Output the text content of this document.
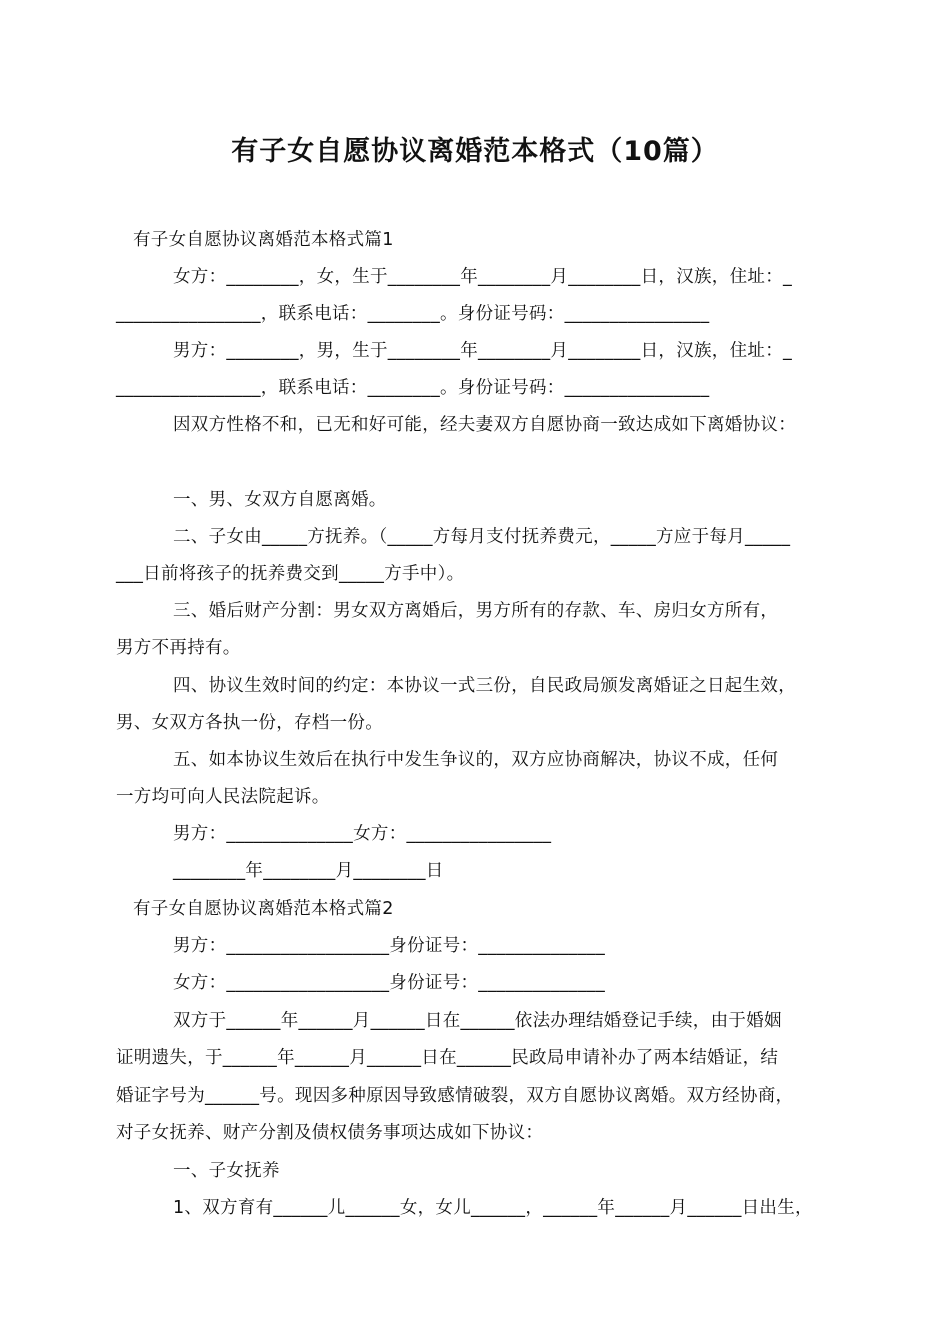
有子女自愿协议离婚范本格式（10篇）
有子女自愿协议离婚范本格式篇1
女方：________，女，生于________年________月________日，汉族，住址：_
________________，联系电话：________。身份证号码：________________
男方：________，男，生于________年________月________日，汉族，住址：_
________________，联系电话：________。身份证号码：________________
因双方性格不和，已无和好可能，经夫妻双方自愿协商一致达成如下离婚协议：
一、男、女双方自愿离婚。
二、子女由_____方抚养。（_____方每月支付抚养费元，_____方应于每月_____
___日前将孩子的抚养费交到_____方手中）。
三、婚后财产分割：男女双方离婚后，男方所有的存款、车、房归女方所有，
男方不再持有。
四、协议生效时间的约定：本协议一式三份，自民政局颁发离婚证之日起生效，
男、女双方各执一份，存档一份。
五、如本协议生效后在执行中发生争议的，双方应协商解决，协议不成，任何
一方均可向人民法院起诉。
男方：______________女方：________________
________年________月________日
有子女自愿协议离婚范本格式篇2
男方：__________________身份证号：______________
女方：__________________身份证号：______________
双方于______年______月______日在______依法办理结婚登记手续，由于婚姻
证明遗失，于______年______月______日在______民政局申请补办了两本结婚证，结
婚证字号为______号。现因多种原因导致感情破裂，双方自愿协议离婚。双方经协商，
对子女抚养、财产分割及债权债务事项达成如下协议：
一、子女抚养
1、双方育有______儿______女，女儿______，______年______月______日出生，
